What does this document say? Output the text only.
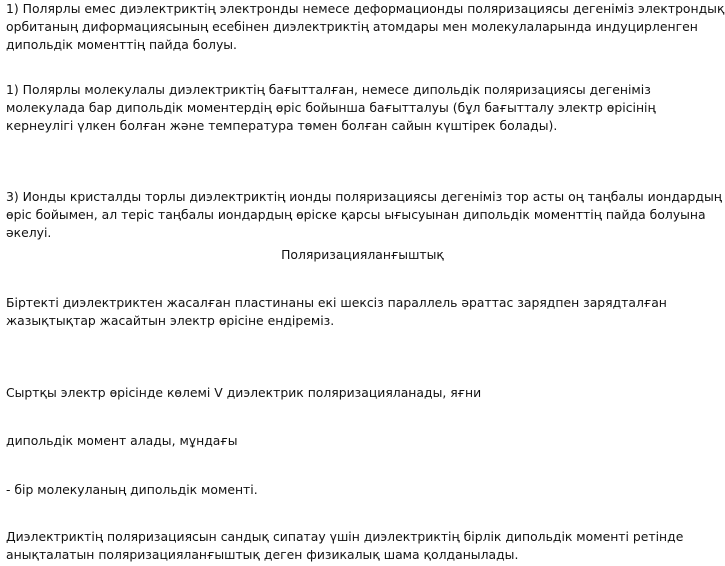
1) Полярлы емес диэлектриктің электронды немесе деформационды поляризациясы дегеніміз электрондық
орбитаның диформациясының есебінен диэлектриктің атомдары мен молекулаларында индуцирленген
дипольдік моменттің пайда болуы.
1) Полярлы молекулалы диэлектриктің бағытталған, немесе дипольдік поляризациясы дегеніміз
молекулада бар дипольдік моментердің өріс бойынша бағытталуы (бұл бағытталу электр өрісінің
кернеулігі үлкен болған және температура төмен болған сайын күштірек болады).
3) Ионды кристалды торлы диэлектриктің ионды поляризациясы дегеніміз тор асты оң таңбалы иондардың
өріс бойымен, ал теріс таңбалы иондардың өріске қарсы ығысуынан дипольдік моменттің пайда болуына
әкелуі.
Поляризацияланғыштық
Біртекті диэлектриктен жасалған пластинаны екі шексіз параллель әраттас зарядпен зарядталған
жазықтықтар жасайтын электр өрісіне ендіреміз.
Сыртқы электр өрісінде көлемі V диэлектрик поляризацияланады, яғни
дипольдік момент алады, мұндағы
- бір молекуланың дипольдік моменті.
Диэлектриктің поляризациясын сандық сипатау үшін диэлектриктің бірлік дипольдік моменті ретінде
анықталатын поляризацияланғыштық деген физикалық шама қолданылады.
